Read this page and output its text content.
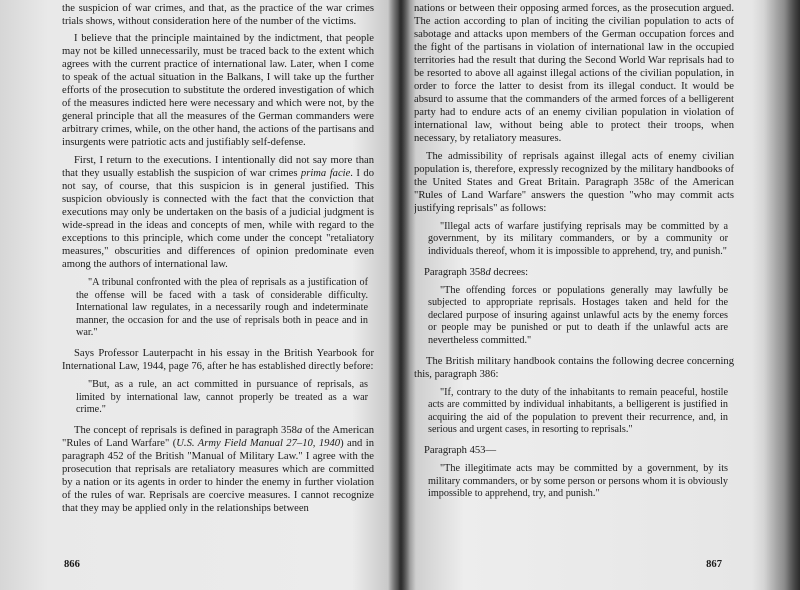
the suspicion of war crimes, and that, as the practice of the war crimes trials shows, without consideration here of the number of the victims.

I believe that the principle maintained by the indictment, that people may not be killed unnecessarily, must be traced back to the extent which agrees with the current practice of international law. Later, when I come to speak of the actual situation in the Balkans, I will take up the further efforts of the prosecution to substitute the ordered investigation of which of the measures indicted here were necessary and which were not, by the general principle that all the measures of the German commanders were arbitrary crimes, while, on the other hand, the actions of the partisans and insurgents were patriotic acts and justifiably self-defense.

First, I return to the executions. I intentionally did not say more than that they usually establish the suspicion of war crimes prima facie. I do not say, of course, that this suspicion is in general justified. This suspicion obviously is connected with the fact that the conviction that executions may only be undertaken on the basis of a judicial judgment is wide-spread in the ideas and concepts of men, while with regard to the exceptions to this principle, which come under the concept "retaliatory measures," obscurities and differences of opinion predominate even among the authors of international law.

"A tribunal confronted with the plea of reprisals as a justification of the offense will be faced with a task of considerable difficulty. International law regulates, in a necessarily rough and indeterminate manner, the occasion for and the use of reprisals both in peace and in war."

Says Professor Lauterpacht in his essay in the British Yearbook for International Law, 1944, page 76, after he has established directly before:

"But, as a rule, an act committed in pursuance of reprisals, as limited by international law, cannot properly be treated as a war crime."

The concept of reprisals is defined in paragraph 358a of the American "Rules of Land Warfare" (U.S. Army Field Manual 27–10, 1940) and in paragraph 452 of the British "Manual of Military Law." I agree with the prosecution that reprisals are retaliatory measures which are committed by a nation or its agents in order to hinder the enemy in further violation of the rules of war. Reprisals are coercive measures. I cannot recognize that they may be applied only in the relationships between

866

nations or between their opposing armed forces, as the prosecution argued. The action according to plan of inciting the civilian population to acts of sabotage and attacks upon members of the German occupation forces and the fight of the partisans in violation of international law in the occupied territories had the result that during the Second World War reprisals had to be resorted to above all against illegal actions of the civilian population, in order to force the latter to desist from its illegal conduct. It would be absurd to assume that the commanders of the armed forces of a belligerent party had to endure acts of an enemy civilian population in violation of international law, without being able to protect their troops, when necessary, by retaliatory measures.

The admissibility of reprisals against illegal acts of enemy civilian population is, therefore, expressly recognized by the military handbooks of the United States and Great Britain. Paragraph 358c of the American "Rules of Land Warfare" answers the question "who may commit acts justifying reprisals" as follows:

"Illegal acts of warfare justifying reprisals may be committed by a government, by its military commanders, or by a community or individuals thereof, whom it is impossible to apprehend, try, and punish."

Paragraph 358d decrees:

"The offending forces or populations generally may lawfully be subjected to appropriate reprisals. Hostages taken and held for the declared purpose of insuring against unlawful acts by the enemy forces or people may be punished or put to death if the unlawful acts are nevertheless committed."

The British military handbook contains the following decree concerning this, paragraph 386:

"If, contrary to the duty of the inhabitants to remain peaceful, hostile acts are committed by individual inhabitants, a belligerent is justified in acquiring the aid of the population to prevent their recurrence, and, in serious and urgent cases, in resorting to reprisals."

Paragraph 453—

"The illegitimate acts may be committed by a government, by its military commanders, or by some person or persons whom it is obviously impossible to apprehend, try, and punish."

867
